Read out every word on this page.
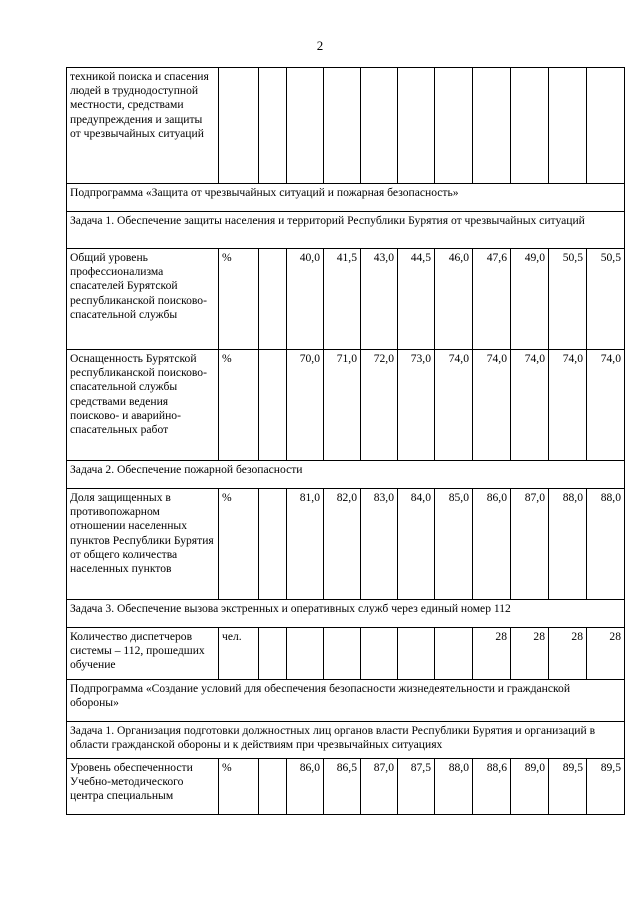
2
техникой поиска и спасения людей в труднодоступной местности, средствами предупреждения и защиты от чрезвычайных ситуаций											
Подпрограмма «Защита от чрезвычайных ситуаций и пожарная безопасность»											
Задача 1. Обеспечение защиты населения и территорий Республики Бурятия от чрезвычайных ситуаций											
Общий уровень профессионализма спасателей Бурятской республиканской поисково-спасательной службы	%		40,0	41,5	43,0	44,5	46,0	47,6	49,0	50,5	50,5
Оснащенность Бурятской республиканской поисково-спасательной службы средствами ведения поисково- и аварийно-спасательных работ	%		70,0	71,0	72,0	73,0	74,0	74,0	74,0	74,0	74,0
Задача 2. Обеспечение пожарной безопасности											
Доля защищенных в противопожарном отношении населенных пунктов Республики Бурятия от общего количества населенных пунктов	%		81,0	82,0	83,0	84,0	85,0	86,0	87,0	88,0	88,0
Задача 3. Обеспечение вызова экстренных и оперативных служб через единый номер 112											
Количество диспетчеров системы – 112, прошедших обучение	чел.							28	28	28	28
Подпрограмма «Создание условий для обеспечения безопасности жизнедеятельности и гражданской обороны»											
Задача 1. Организация подготовки должностных лиц органов власти Республики Бурятия и организаций в области гражданской обороны и к действиям при чрезвычайных ситуациях											
Уровень обеспеченности Учебно-методического центра специальным	%		86,0	86,5	87,0	87,5	88,0	88,6	89,0	89,5	89,5
